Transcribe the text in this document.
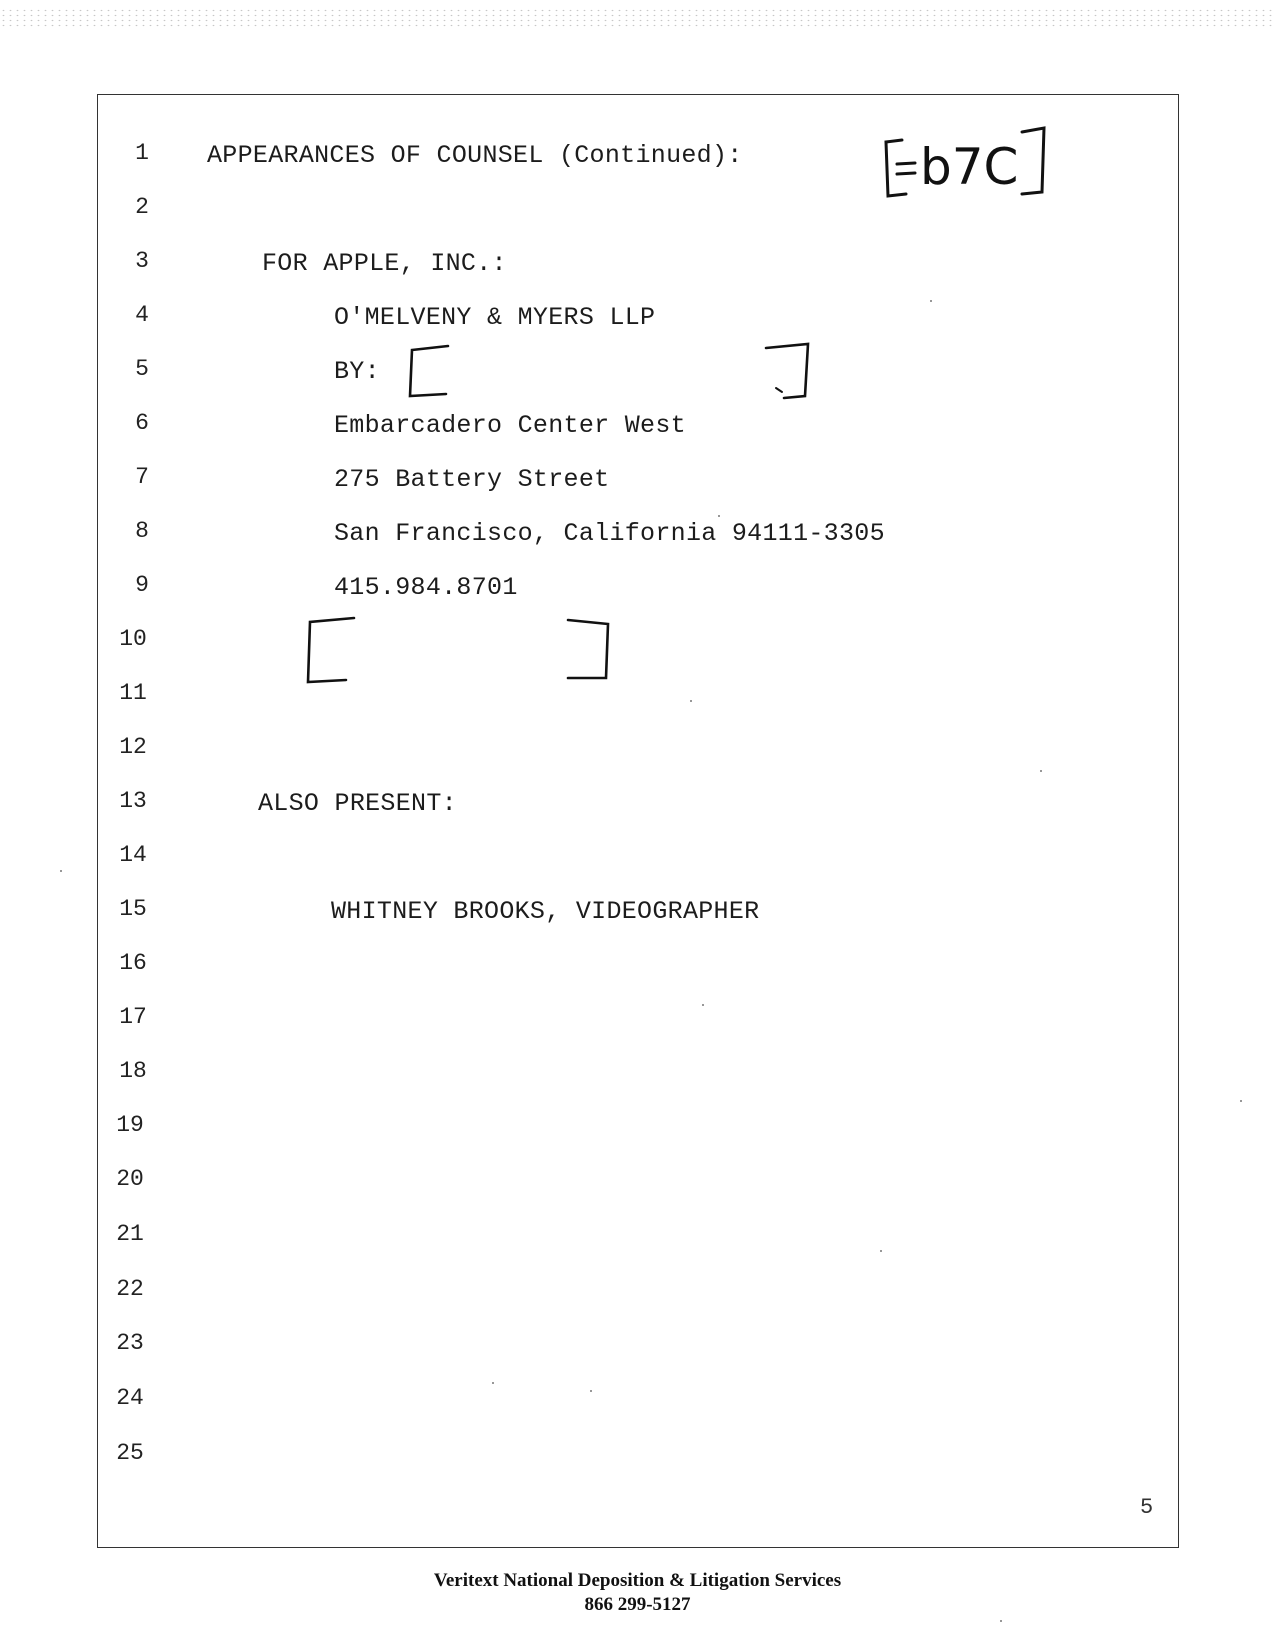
1
2
3
4
5
6
7
8
9
10
11
12
13
14
15
16
17
18
19
20
21
22
23
24
25
APPEARANCES OF COUNSEL (Continued):
FOR APPLE, INC.:
O'MELVENY & MYERS LLP
BY:
Embarcadero Center West
275 Battery Street
San Francisco, California 94111-3305
415.984.8701
ALSO PRESENT:
WHITNEY BROOKS, VIDEOGRAPHER
b7C
5
Veritext National Deposition & Litigation Services
866 299-5127
